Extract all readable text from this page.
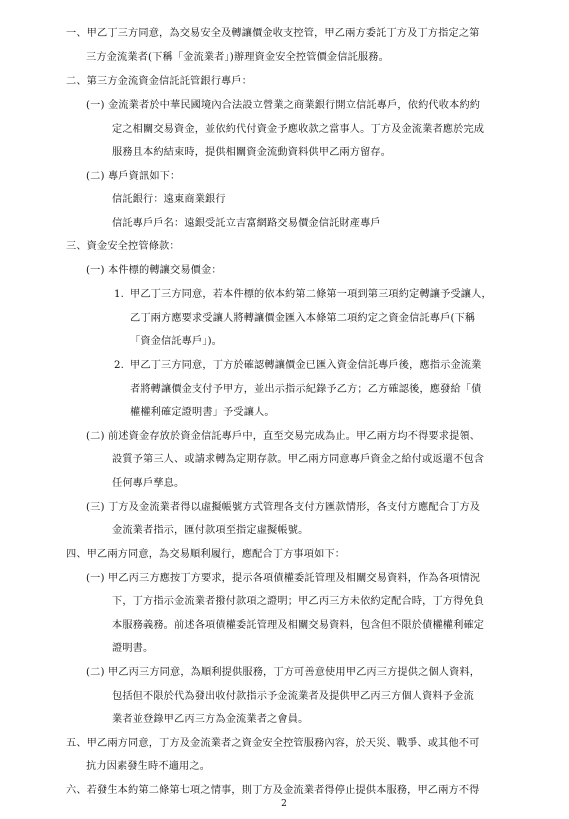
一、甲乙丁三方同意，為交易安全及轉讓價金收支控管，甲乙兩方委託丁方及丁方指定之第
三方金流業者(下稱「金流業者」)辦理資金安全控管價金信託服務。
二、第三方金流資金信託託管銀行專戶：
(一) 金流業者於中華民國境內合法設立營業之商業銀行開立信託專戶，依約代收本約約
定之相關交易資金，並依約代付資金予應收款之當事人。丁方及金流業者應於完成
服務且本約結束時，提供相關資金流動資料供甲乙兩方留存。
(二) 專戶資訊如下：
信託銀行：遠東商業銀行
信託專戶戶名：遠銀受託立吉富網路交易價金信託財產專戶
三、資金安全控管條款：
(一) 本件標的轉讓交易價金：
1. 甲乙丁三方同意，若本件標的依本約第二條第一項到第三項約定轉讓予受讓人，
乙丁兩方應要求受讓人將轉讓價金匯入本條第二項約定之資金信託專戶(下稱
「資金信託專戶」)。
2. 甲乙丁三方同意，丁方於確認轉讓價金已匯入資金信託專戶後，應指示金流業
者將轉讓價金支付予甲方，並出示指示紀錄予乙方；乙方確認後，應發給「債
權權利確定證明書」予受讓人。
(二) 前述資金存放於資金信託專戶中，直至交易完成為止。甲乙兩方均不得要求提領、
設質予第三人、或請求轉為定期存款。甲乙兩方同意專戶資金之給付或返還不包含
任何專戶孳息。
(三) 丁方及金流業者得以虛擬帳號方式管理各支付方匯款情形，各支付方應配合丁方及
金流業者指示，匯付款項至指定虛擬帳號。
四、甲乙兩方同意，為交易順利履行，應配合丁方事項如下：
(一) 甲乙丙三方應按丁方要求，提示各項債權委託管理及相關交易資料，作為各項情況
下，丁方指示金流業者撥付款項之證明；甲乙丙三方未依約定配合時，丁方得免負
本服務義務。前述各項債權委託管理及相關交易資料，包含但不限於債權權利確定
證明書。
(二) 甲乙丙三方同意，為順利提供服務，丁方可善意使用甲乙丙三方提供之個人資料，
包括但不限於代為發出收付款指示予金流業者及提供甲乙丙三方個人資料予金流
業者並登錄甲乙丙三方為金流業者之會員。
五、甲乙兩方同意，丁方及金流業者之資金安全控管服務內容，於天災、戰爭、或其他不可
抗力因素發生時不適用之。
六、若發生本約第二條第七項之情事，則丁方及金流業者得停止提供本服務，甲乙兩方不得
2
